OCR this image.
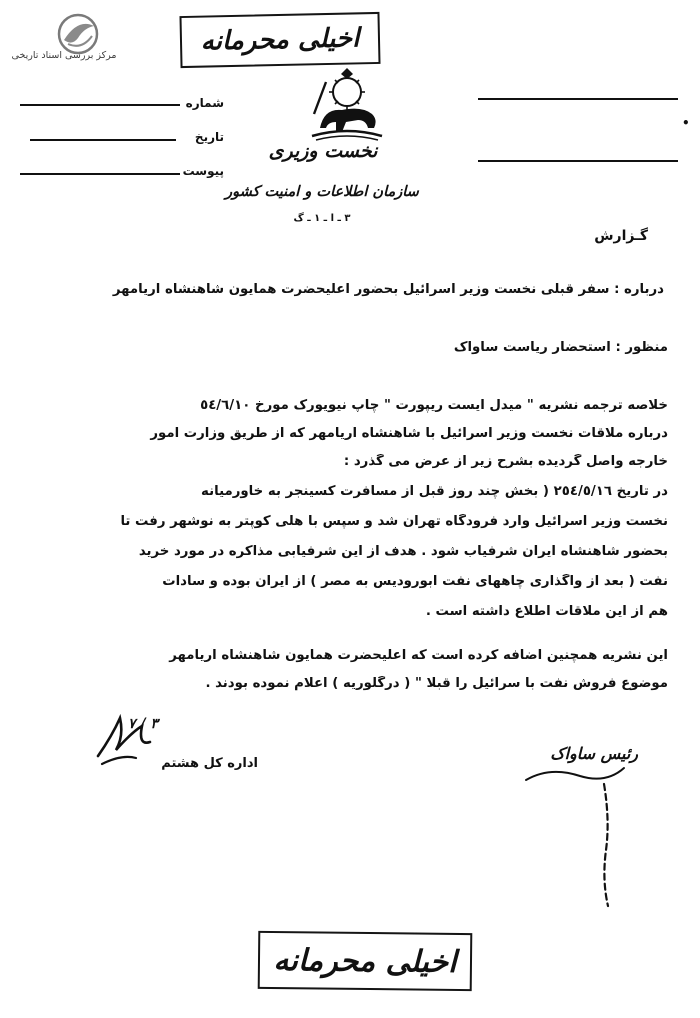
مرکز بررسی اسناد تاریخی	اخیلی محرمانه
شماره
تاریخ
پیوست
•
نخست وزیری
سازمان اطلاعات و امنیت کشور
٣ ـ ا ـ ١ ـ گ
گـزارش
درباره : سفر قبلی نخست وزیر اسرائیل بحضور اعلیحضرت همایون شاهنشاه آریامهر
منظور : استحضار ریاست ساواک
خلاصه ترجمه نشریه " میدل ایست ریپورت " چاپ نیویورک مورخ ٥٤/٦/١٠
درباره ملاقات نخست وزیر اسرائیل با شاهنشاه آریامهر که از طریق وزارت امور
خارجه واصل گردیده بشرح زیر از عرض می گذرد :
در تاریخ ٢٥٤/٥/١٦ ( بخش چند روز قبل از مسافرت کسینجر به خاورمیانه
نخست وزیر اسرائیل وارد فرودگاه تهران شد و سپس با هلی کوپتر به نوشهر رفت تا
بحضور شاهنشاه ایران شرفیاب شود . هدف از این شرفیابی مذاکره در مورد خرید
نفت ( بعد از واگذاری چاههای نفت ابورودیس به مصر ) از ایران بوده و سادات
هم از این ملاقات اطلاع داشته است .
این نشریه همچنین اضافه کرده است که اعلیحضرت همایون شاهنشاه آریامهر
موضوع فروش نفت با سرائیل را قبلا " ( درگلوریه ) اعلام نموده بودند .
٣ / ٧
اداره کل هشتم
رئیس ساواک
اخیلی محرمانه
